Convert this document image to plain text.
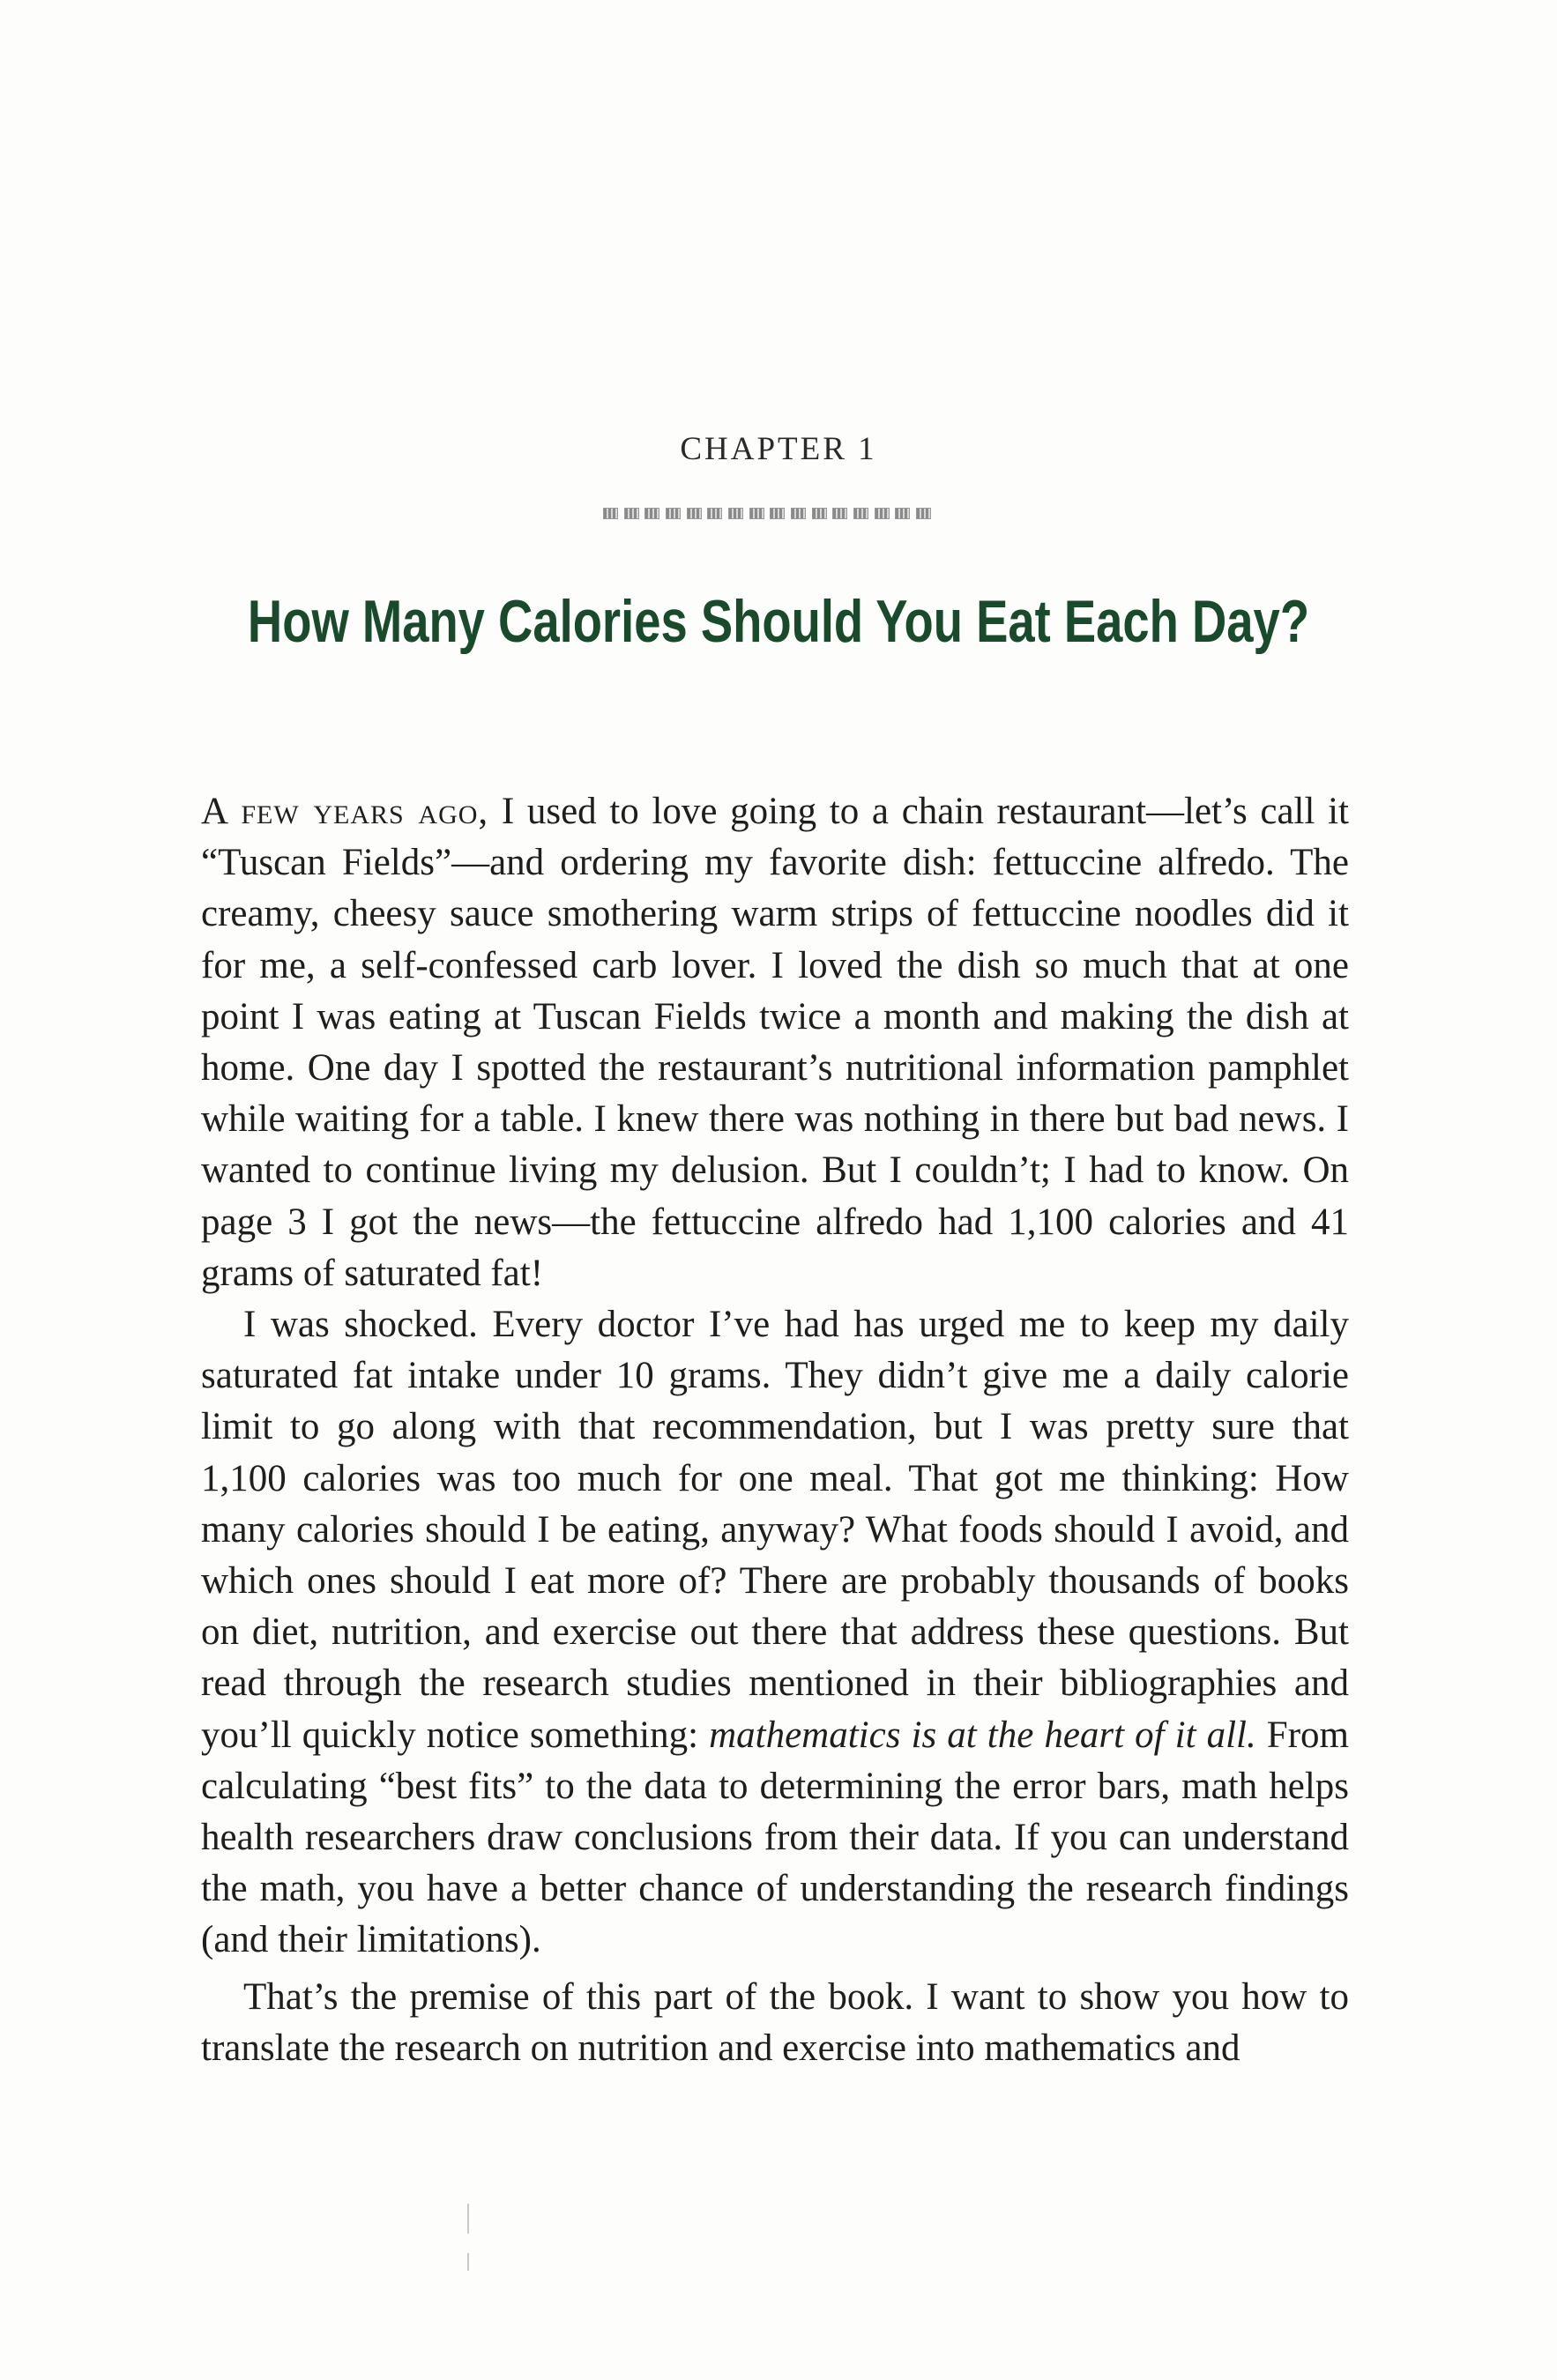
CHAPTER 1
How Many Calories Should You Eat Each Day?

A few years ago, I used to love going to a chain restaurant—let’s call it “Tuscan Fields”—and ordering my favorite dish: fettuccine alfredo. The creamy, cheesy sauce smothering warm strips of fettuccine noodles did it for me, a self-confessed carb lover. I loved the dish so much that at one point I was eating at Tuscan Fields twice a month and making the dish at home. One day I spotted the restaurant’s nutritional information pamphlet while waiting for a table. I knew there was nothing in there but bad news. I wanted to continue living my delusion. But I couldn’t; I had to know. On page 3 I got the news—the fettuccine alfredo had 1,100 calories and 41 grams of saturated fat!

I was shocked. Every doctor I’ve had has urged me to keep my daily saturated fat intake under 10 grams. They didn’t give me a daily calorie limit to go along with that recommendation, but I was pretty sure that 1,100 calories was too much for one meal. That got me thinking: How many calories should I be eating, anyway? What foods should I avoid, and which ones should I eat more of? There are probably thousands of books on diet, nutrition, and exercise out there that address these questions. But read through the research studies mentioned in their bibliographies and you’ll quickly notice something: mathematics is at the heart of it all. From calculating “best fits” to the data to determining the error bars, math helps health researchers draw conclusions from their data. If you can understand the math, you have a better chance of understanding the research findings (and their limitations).

That’s the premise of this part of the book. I want to show you how to translate the research on nutrition and exercise into mathematics and
